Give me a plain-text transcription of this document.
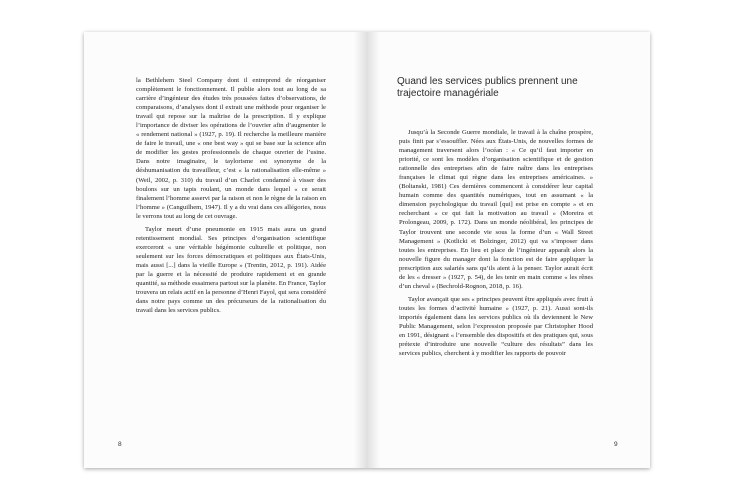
la Bethlehem Steel Company dont il entreprend de réorganiser complètement le fonctionnement. Il publie alors tout au long de sa carrière d’ingénieur des études très poussées faites d’observations, de comparaisons, d’analyses dont il extrait une méthode pour organiser le travail qui repose sur la maîtrise de la prescription. Il y explique l’importance de diviser les opérations de l’ouvrier afin d’augmenter le « rendement national » (1927, p. 19). Il recherche la meilleure manière de faire le travail, une « one best way » qui se base sur la science afin de modifier les gestes professionnels de chaque ouvrier de l’usine. Dans notre imaginaire, le taylorisme est synonyme de la déshumanisation du travailleur, c’est « la rationalisation elle-même » (Weil, 2002, p. 310) du travail d’un Charlot condamné à visser des boulons sur un tapis roulant, un monde dans lequel « ce serait finalement l’homme asservi par la raison et non le règne de la raison en l’homme » (Canguilhem, 1947). Il y a du vrai dans ces allégories, nous le verrons tout au long de cet ouvrage.

Taylor meurt d’une pneumonie en 1915 mais aura un grand retentissement mondial. Ses principes d’organisation scientifique exerceront « une véritable hégémonie culturelle et politique, non seulement sur les forces démocratiques et politiques aux États-Unis, mais aussi [...] dans la vieille Europe » (Trentin, 2012, p. 191). Aidée par la guerre et la nécessité de produire rapidement et en grande quantité, sa méthode essaimera partout sur la planète. En France, Taylor trouvera un relais actif en la personne d’Henri Fayol, qui sera considéré dans notre pays comme un des précurseurs de la rationalisation du travail dans les services publics.

8
Quand les services publics prennent une trajectoire managériale

Jusqu’à la Seconde Guerre mondiale, le travail à la chaîne prospère, puis finit par s’essouffler. Nées aux États-Unis, de nouvelles formes de management traversent alors l’océan : « Ce qu’il faut importer en priorité, ce sont les modèles d’organisation scientifique et de gestion rationnelle des entreprises afin de faire naître dans les entreprises françaises le climat qui règne dans les entreprises américaines. » (Boltanski, 1981) Ces dernières commencent à considérer leur capital humain comme des quantités numériques, tout en assumant « la dimension psychologique du travail [qui] est prise en compte » et en recherchant « ce qui fait la motivation au travail » (Moreira et Prolongeau, 2009, p. 172). Dans un monde néolibéral, les principes de Taylor trouvent une seconde vie sous la forme d’un « Wall Street Management » (Kotlicki et Bolzinger, 2012) qui va s’imposer dans toutes les entreprises. En lieu et place de l’ingénieur apparaît alors la nouvelle figure du manager dont la fonction est de faire appliquer la prescription aux salariés sans qu’ils aient à la penser. Taylor aurait écrit de les « dresser » (1927, p. 54), de les tenir en main comme « les rênes d’un cheval » (Bechrold-Rognon, 2018, p. 16).

Taylor avançait que ses « principes peuvent être appliqués avec fruit à toutes les formes d’activité humaine » (1927, p. 21). Aussi sont-ils importés également dans les services publics où ils deviennent le New Public Management, selon l’expression proposée par Christopher Hood en 1991, désignant « l’ensemble des dispositifs et des pratiques qui, sous prétexte d’introduire une nouvelle “culture des résultats” dans les services publics, cherchent à y modifier les rapports de pouvoir

9
